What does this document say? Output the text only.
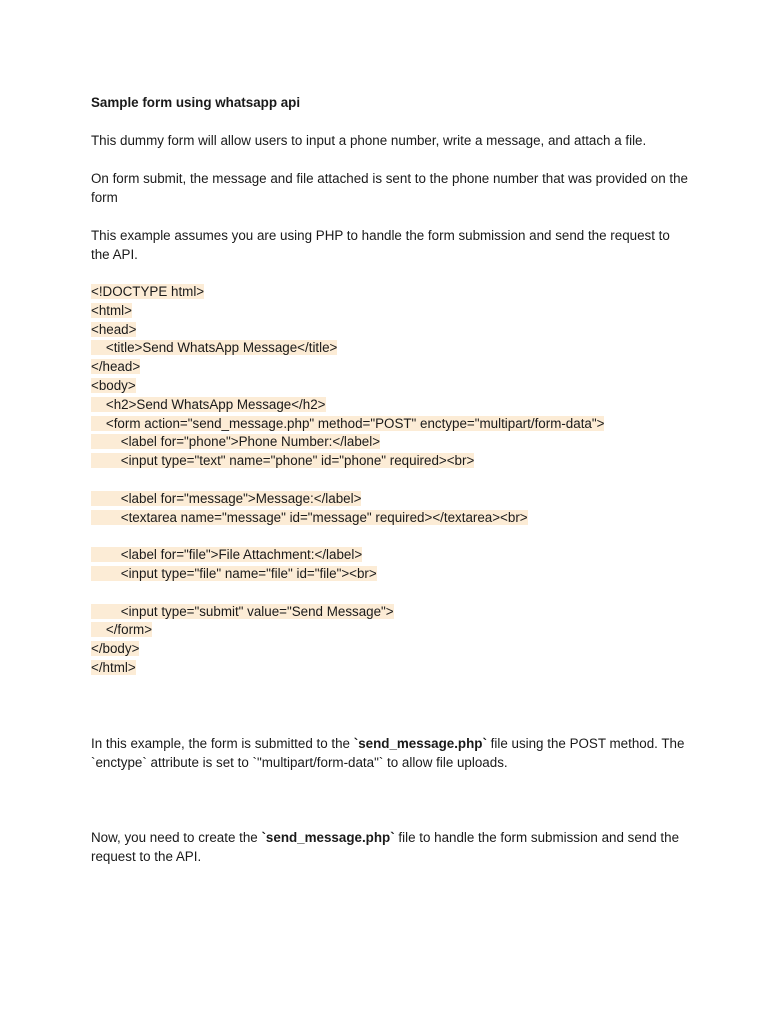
Sample form using whatsapp api
This dummy form will allow users to input a phone number, write a message, and attach a file.
On form submit, the message and file attached is sent to the phone number that was provided on the form
This example assumes you are using PHP to handle the form submission and send the request to the API.
<!DOCTYPE html>
<html>
<head>
<title>Send WhatsApp Message</title>
</head>
<body>
<h2>Send WhatsApp Message</h2>
<form action="send_message.php" method="POST" enctype="multipart/form-data">
<label for="phone">Phone Number:</label>
<input type="text" name="phone" id="phone" required><br>
<label for="message">Message:</label>
<textarea name="message" id="message" required></textarea><br>
<label for="file">File Attachment:</label>
<input type="file" name="file" id="file"><br>
<input type="submit" value="Send Message">
</form>
</body>
</html>
In this example, the form is submitted to the `send_message.php` file using the POST method. The `enctype` attribute is set to `"multipart/form-data"` to allow file uploads.
Now, you need to create the `send_message.php` file to handle the form submission and send the request to the API.
